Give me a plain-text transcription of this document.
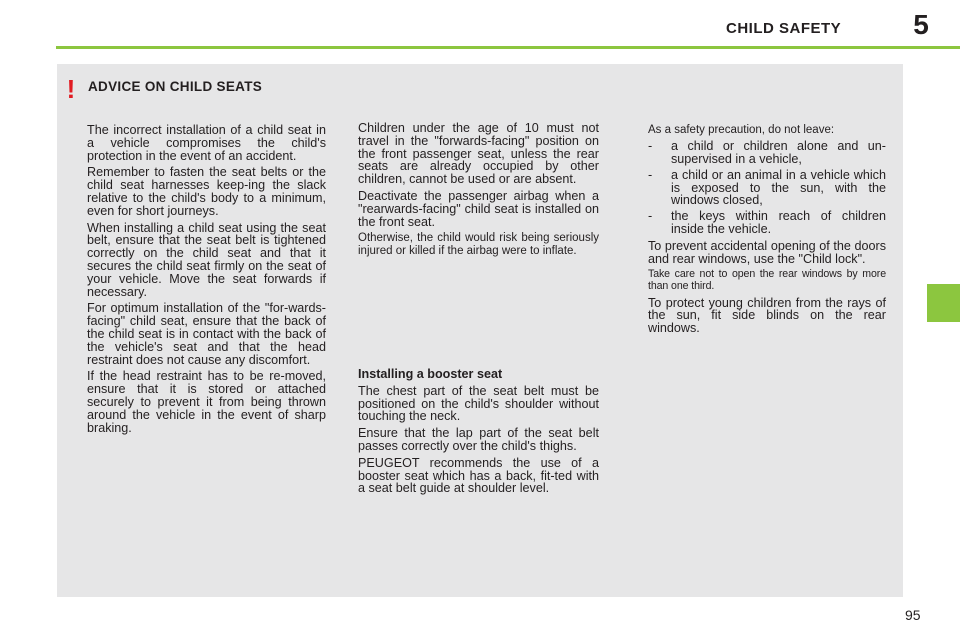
CHILD SAFETY	5
! ADVICE ON CHILD SEATS

The incorrect installation of a child seat in a vehicle compromises the child's protection in the event of an accident.

Remember to fasten the seat belts or the child seat harnesses keep-ing the slack relative to the child's body to a minimum, even for short journeys.

When installing a child seat using the seat belt, ensure that the seat belt is tightened correctly on the child seat and that it secures the child seat firmly on the seat of your vehicle. Move the seat forwards if necessary.

For optimum installation of the "for-wards-facing" child seat, ensure that the back of the child seat is in contact with the back of the vehicle's seat and that the head restraint does not cause any discomfort.

If the head restraint has to be re-moved, ensure that it is stored or attached securely to prevent it from being thrown around the vehicle in the event of sharp braking.

Children under the age of 10 must not travel in the "forwards-facing" position on the front passenger seat, unless the rear seats are already occupied by other children, cannot be used or are absent.

Deactivate the passenger airbag when a "rearwards-facing" child seat is installed on the front seat.

Otherwise, the child would risk being seriously injured or killed if the airbag were to inflate.

Installing a booster seat

The chest part of the seat belt must be positioned on the child's shoulder without touching the neck.

Ensure that the lap part of the seat belt passes correctly over the child's thighs.

PEUGEOT recommends the use of a booster seat which has a back, fit-ted with a seat belt guide at shoulder level.

As a safety precaution, do not leave:

- a child or children alone and un-supervised in a vehicle,
- a child or an animal in a vehicle which is exposed to the sun, with the windows closed,
- the keys within reach of children inside the vehicle.

To prevent accidental opening of the doors and rear windows, use the "Child lock".

Take care not to open the rear windows by more than one third.

To protect young children from the rays of the sun, fit side blinds on the rear windows.

95
